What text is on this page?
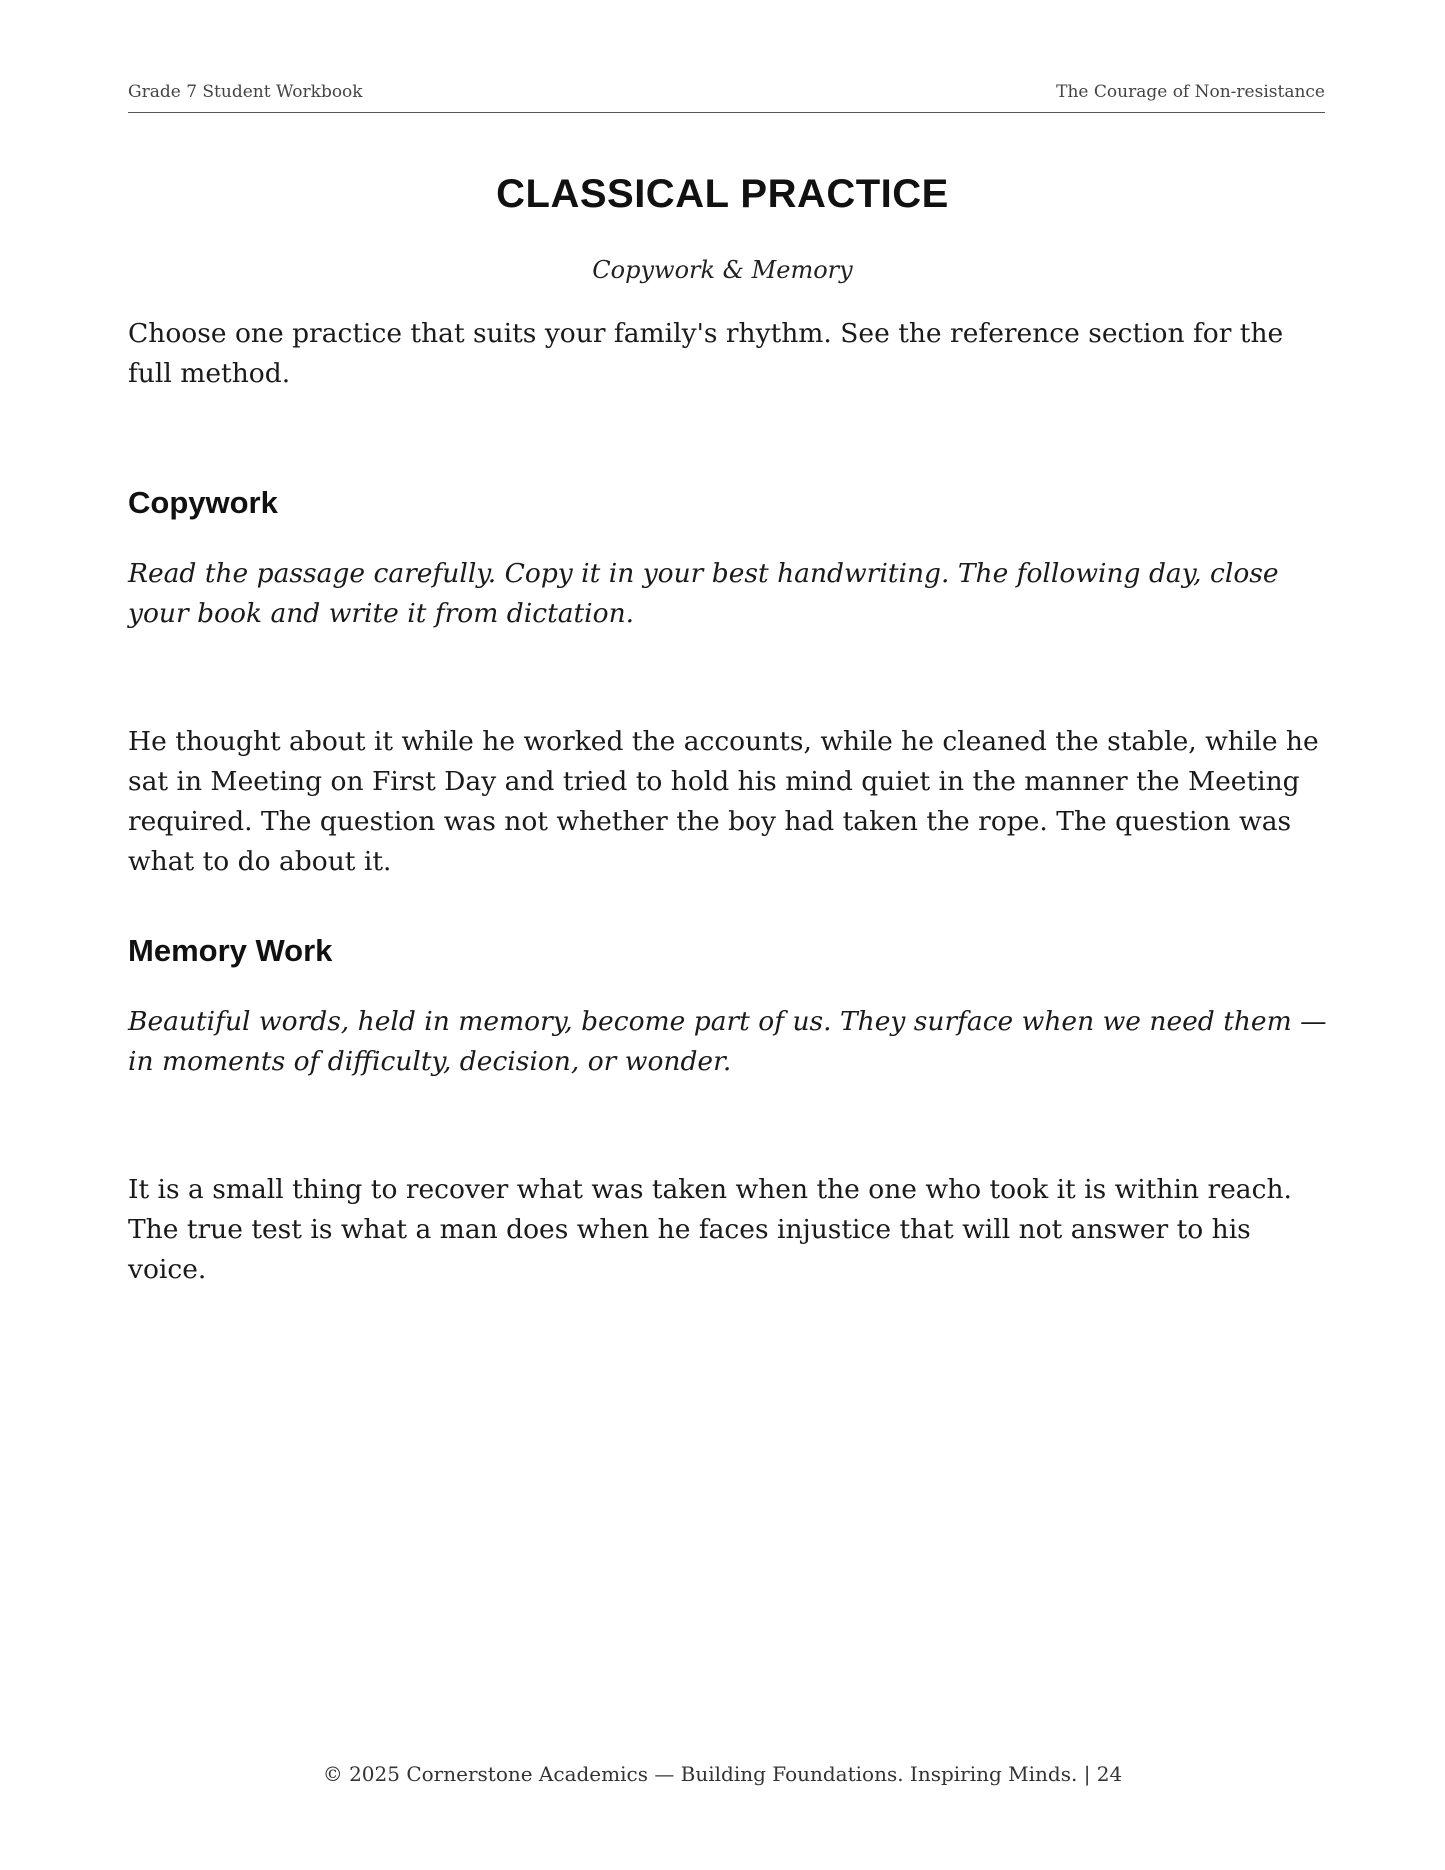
Grade 7 Student Workbook	The Courage of Non-resistance
CLASSICAL PRACTICE

Copywork & Memory

Choose one practice that suits your family's rhythm. See the reference section for the full method.

Copywork

Read the passage carefully. Copy it in your best handwriting. The following day, close your book and write it from dictation.

He thought about it while he worked the accounts, while he cleaned the stable, while he sat in Meeting on First Day and tried to hold his mind quiet in the manner the Meeting required. The question was not whether the boy had taken the rope. The question was what to do about it.

Memory Work

Beautiful words, held in memory, become part of us. They surface when we need them — in moments of difficulty, decision, or wonder.

It is a small thing to recover what was taken when the one who took it is within reach. The true test is what a man does when he faces injustice that will not answer to his voice.

© 2025 Cornerstone Academics — Building Foundations. Inspiring Minds. | 24
